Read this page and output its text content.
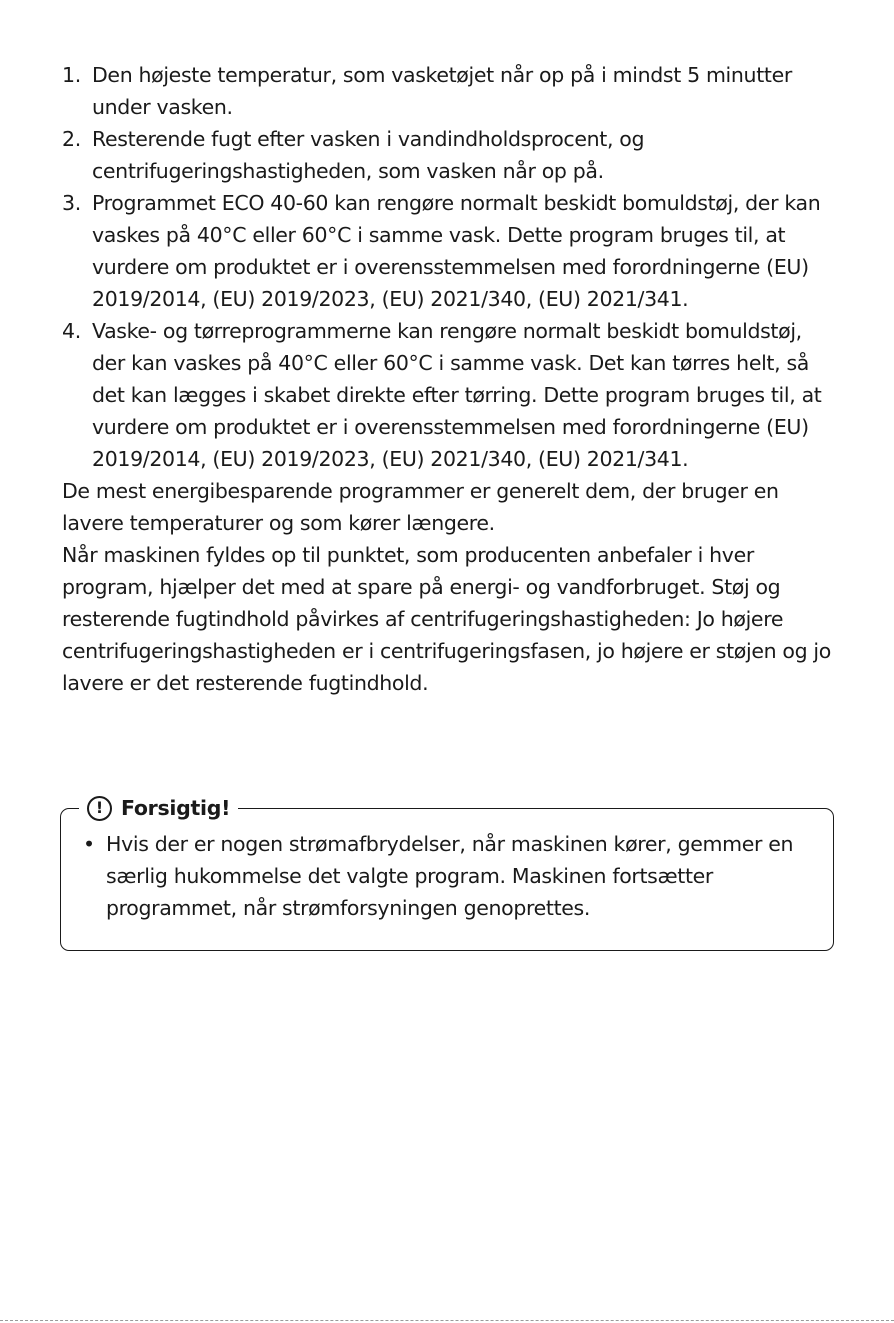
1. Den højeste temperatur, som vasketøjet når op på i mindst 5 minutter under vasken.
2. Resterende fugt efter vasken i vandindholdsprocent, og centrifugeringshastigheden, som vasken når op på.
3. Programmet ECO 40-60 kan rengøre normalt beskidt bomuldstøj, der kan vaskes på 40°C eller 60°C i samme vask. Dette program bruges til, at vurdere om produktet er i overensstemmelsen med forordningerne (EU) 2019/2014, (EU) 2019/2023, (EU) 2021/340, (EU) 2021/341.
4. Vaske- og tørreprogrammerne kan rengøre normalt beskidt bomuldstøj, der kan vaskes på 40°C eller 60°C i samme vask. Det kan tørres helt, så det kan lægges i skabet direkte efter tørring. Dette program bruges til, at vurdere om produktet er i overensstemmelsen med forordningerne (EU) 2019/2014, (EU) 2019/2023, (EU) 2021/340, (EU) 2021/341.

De mest energibesparende programmer er generelt dem, der bruger en lavere temperaturer og som kører længere.

Når maskinen fyldes op til punktet, som producenten anbefaler i hver program, hjælper det med at spare på energi- og vandforbruget. Støj og resterende fugtindhold påvirkes af centrifugeringshastigheden: Jo højere centrifugeringshastigheden er i centrifugeringsfasen, jo højere er støjen og jo lavere er det resterende fugtindhold.

! Forsigtig!
• Hvis der er nogen strømafbrydelser, når maskinen kører, gemmer en særlig hukommelse det valgte program. Maskinen fortsætter programmet, når strømforsyningen genoprettes.
